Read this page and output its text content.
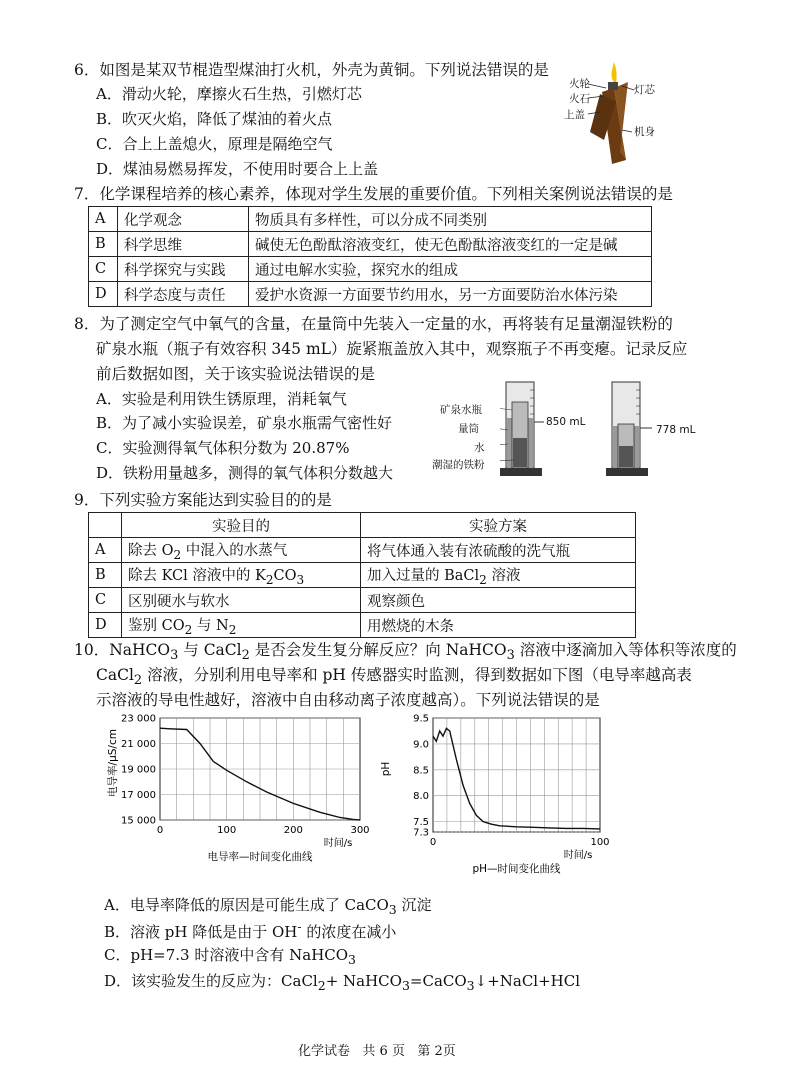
6．如图是某双节棍造型煤油打火机，外壳为黄铜。下列说法错误的是
A．滑动火轮，摩擦火石生热，引燃灯芯
B．吹灭火焰，降低了煤油的着火点
C．合上上盖熄火，原理是隔绝空气
D．煤油易燃易挥发，不使用时要合上上盖
火轮
火石
上盖
灯芯
机身
7．化学课程培养的核心素养，体现对学生发展的重要价值。下列相关案例说法错误的是
A	化学观念	物质具有多样性，可以分成不同类别
B	科学思维	碱使无色酚酞溶液变红，使无色酚酞溶液变红的一定是碱
C	科学探究与实践	通过电解水实验，探究水的组成
D	科学态度与责任	爱护水资源一方面要节约用水，另一方面要防治水体污染
8．为了测定空气中氧气的含量，在量筒中先装入一定量的水，再将装有足量潮湿铁粉的
矿泉水瓶（瓶子有效容积 345 mL）旋紧瓶盖放入其中，观察瓶子不再变瘪。记录反应
前后数据如图，关于该实验说法错误的是
A．实验是利用铁生锈原理，消耗氧气
B．为了减小实验误差，矿泉水瓶需气密性好
C．实验测得氧气体积分数为 20.87%
D．铁粉用量越多，测得的氧气体积分数越大
矿泉水瓶
量筒
水
潮湿的铁粉
850 mL
778 mL
9．下列实验方案能达到实验目的的是
	实验目的	实验方案
A	除去 $O_2$ 中混入的水蒸气	将气体通入装有浓硫酸的洗气瓶
B	除去 KCl 溶液中的 $K_2CO_3$	加入过量的 BaCl$_2$ 溶液
C	区别硬水与软水	观察颜色
D	鉴别 $CO_2$ 与 $N_2$	用燃烧的木条
10．NaHCO$_3$ 与 CaCl$_2$ 是否会发生复分解反应？向 NaHCO$_3$ 溶液中逐滴加入等体积等浓度的
CaCl$_2$ 溶液，分别利用电导率和 pH 传感器实时监测，得到数据如下图（电导率越高表
示溶液的导电性越好，溶液中自由移动离子浓度越高）。下列说法错误的是
15 000
17 000
19 000
21 000
23 000
0	100	200	300
时间/s
电导率/μS/cm
电导率—时间变化曲线
7.3
7.5
8.0
8.5
9.0
9.5
0	100
时间/s
pH
pH—时间变化曲线
A．电导率降低的原因是可能生成了 CaCO$_3$ 沉淀
B．溶液 pH 降低是由于 OH- 的浓度在减小
C．pH=7.3 时溶液中含有 NaHCO$_3$
D．该实验发生的反应为：CaCl$_2$+ NaHCO$_3$=CaCO$_3$↓+NaCl+HCl
化学试卷 共 6 页 第 2页
